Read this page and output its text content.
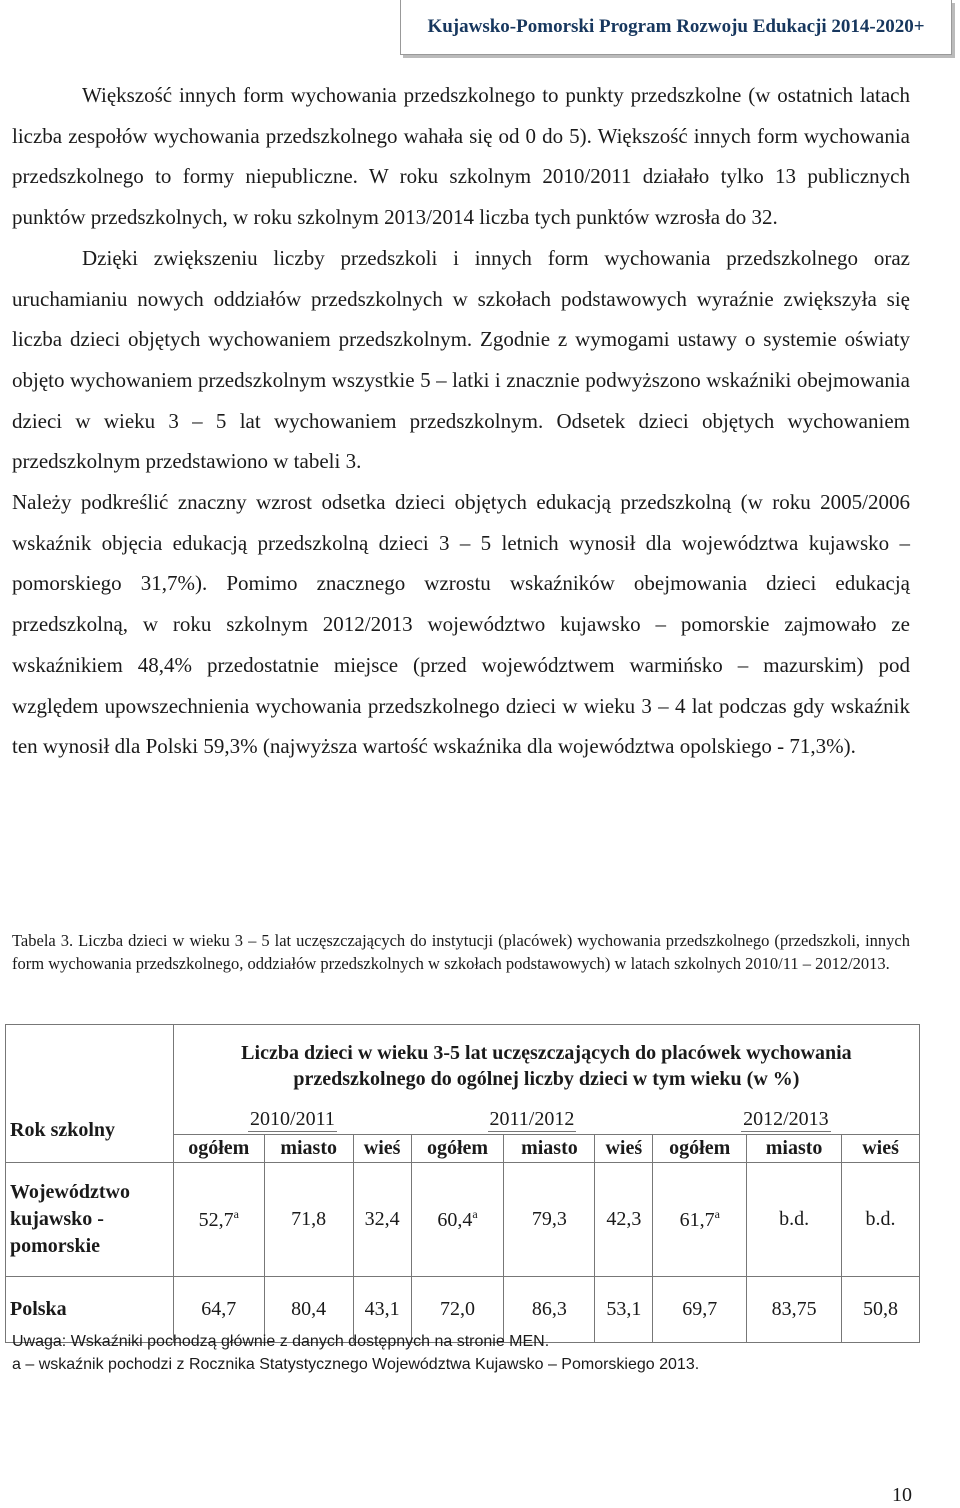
Kujawsko-Pomorski Program Rozwoju Edukacji 2014-2020+

Większość innych form wychowania przedszkolnego to punkty przedszkolne (w ostatnich latach liczba zespołów wychowania przedszkolnego wahała się od 0 do 5). Większość innych form wychowania przedszkolnego to formy niepubliczne. W roku szkolnym 2010/2011 działało tylko 13 publicznych punktów przedszkolnych, w roku szkolnym 2013/2014 liczba tych punktów wzrosła do 32.

Dzięki zwiększeniu liczby przedszkoli i innych form wychowania przedszkolnego oraz uruchamianiu nowych oddziałów przedszkolnych w szkołach podstawowych wyraźnie zwiększyła się liczba dzieci objętych wychowaniem przedszkolnym. Zgodnie z wymogami ustawy o systemie oświaty objęto wychowaniem przedszkolnym wszystkie 5 – latki i znacznie podwyższono wskaźniki obejmowania dzieci w wieku 3 – 5 lat wychowaniem przedszkolnym. Odsetek dzieci objętych wychowaniem przedszkolnym przedstawiono w tabeli 3.

Należy podkreślić znaczny wzrost odsetka dzieci objętych edukacją przedszkolną (w roku 2005/2006 wskaźnik objęcia edukacją przedszkolną dzieci 3 – 5 letnich wynosił dla województwa kujawsko – pomorskiego 31,7%). Pomimo znacznego wzrostu wskaźników obejmowania dzieci edukacją przedszkolną, w roku szkolnym 2012/2013 województwo kujawsko – pomorskie zajmowało ze wskaźnikiem 48,4% przedostatnie miejsce (przed województwem warmińsko – mazurskim) pod względem upowszechnienia wychowania przedszkolnego dzieci w wieku 3 – 4 lat podczas gdy wskaźnik ten wynosił dla Polski 59,3% (najwyższa wartość wskaźnika dla województwa opolskiego - 71,3%).

Tabela 3. Liczba dzieci w wieku 3 – 5 lat uczęszczających do instytucji (placówek) wychowania przedszkolnego (przedszkoli, innych form wychowania przedszkolnego, oddziałów przedszkolnych w szkołach podstawowych) w latach szkolnych 2010/11 – 2012/2013.
Rok szkolny	Liczba dzieci w wieku 3-5 lat uczęszczających do placówek wychowania przedszkolnego do ogólnej liczby dzieci w tym wieku (w %)								
	2010/2011			2011/2012			2012/2013		
	ogółem	miasto	wieś	ogółem	miasto	wieś	ogółem	miasto	wieś
Województwo kujawsko - pomorskie	52,7$^a$	71,8	32,4	60,4$^a$	79,3	42,3	61,7$^a$	b.d.	b.d.
Polska	64,7	80,4	43,1	72,0	86,3	53,1	69,7	83,75	50,8
Uwaga: Wskaźniki pochodzą głównie z danych dostępnych na stronie MEN.
a – wskaźnik pochodzi z Rocznika Statystycznego Województwa Kujawsko – Pomorskiego 2013.
10
